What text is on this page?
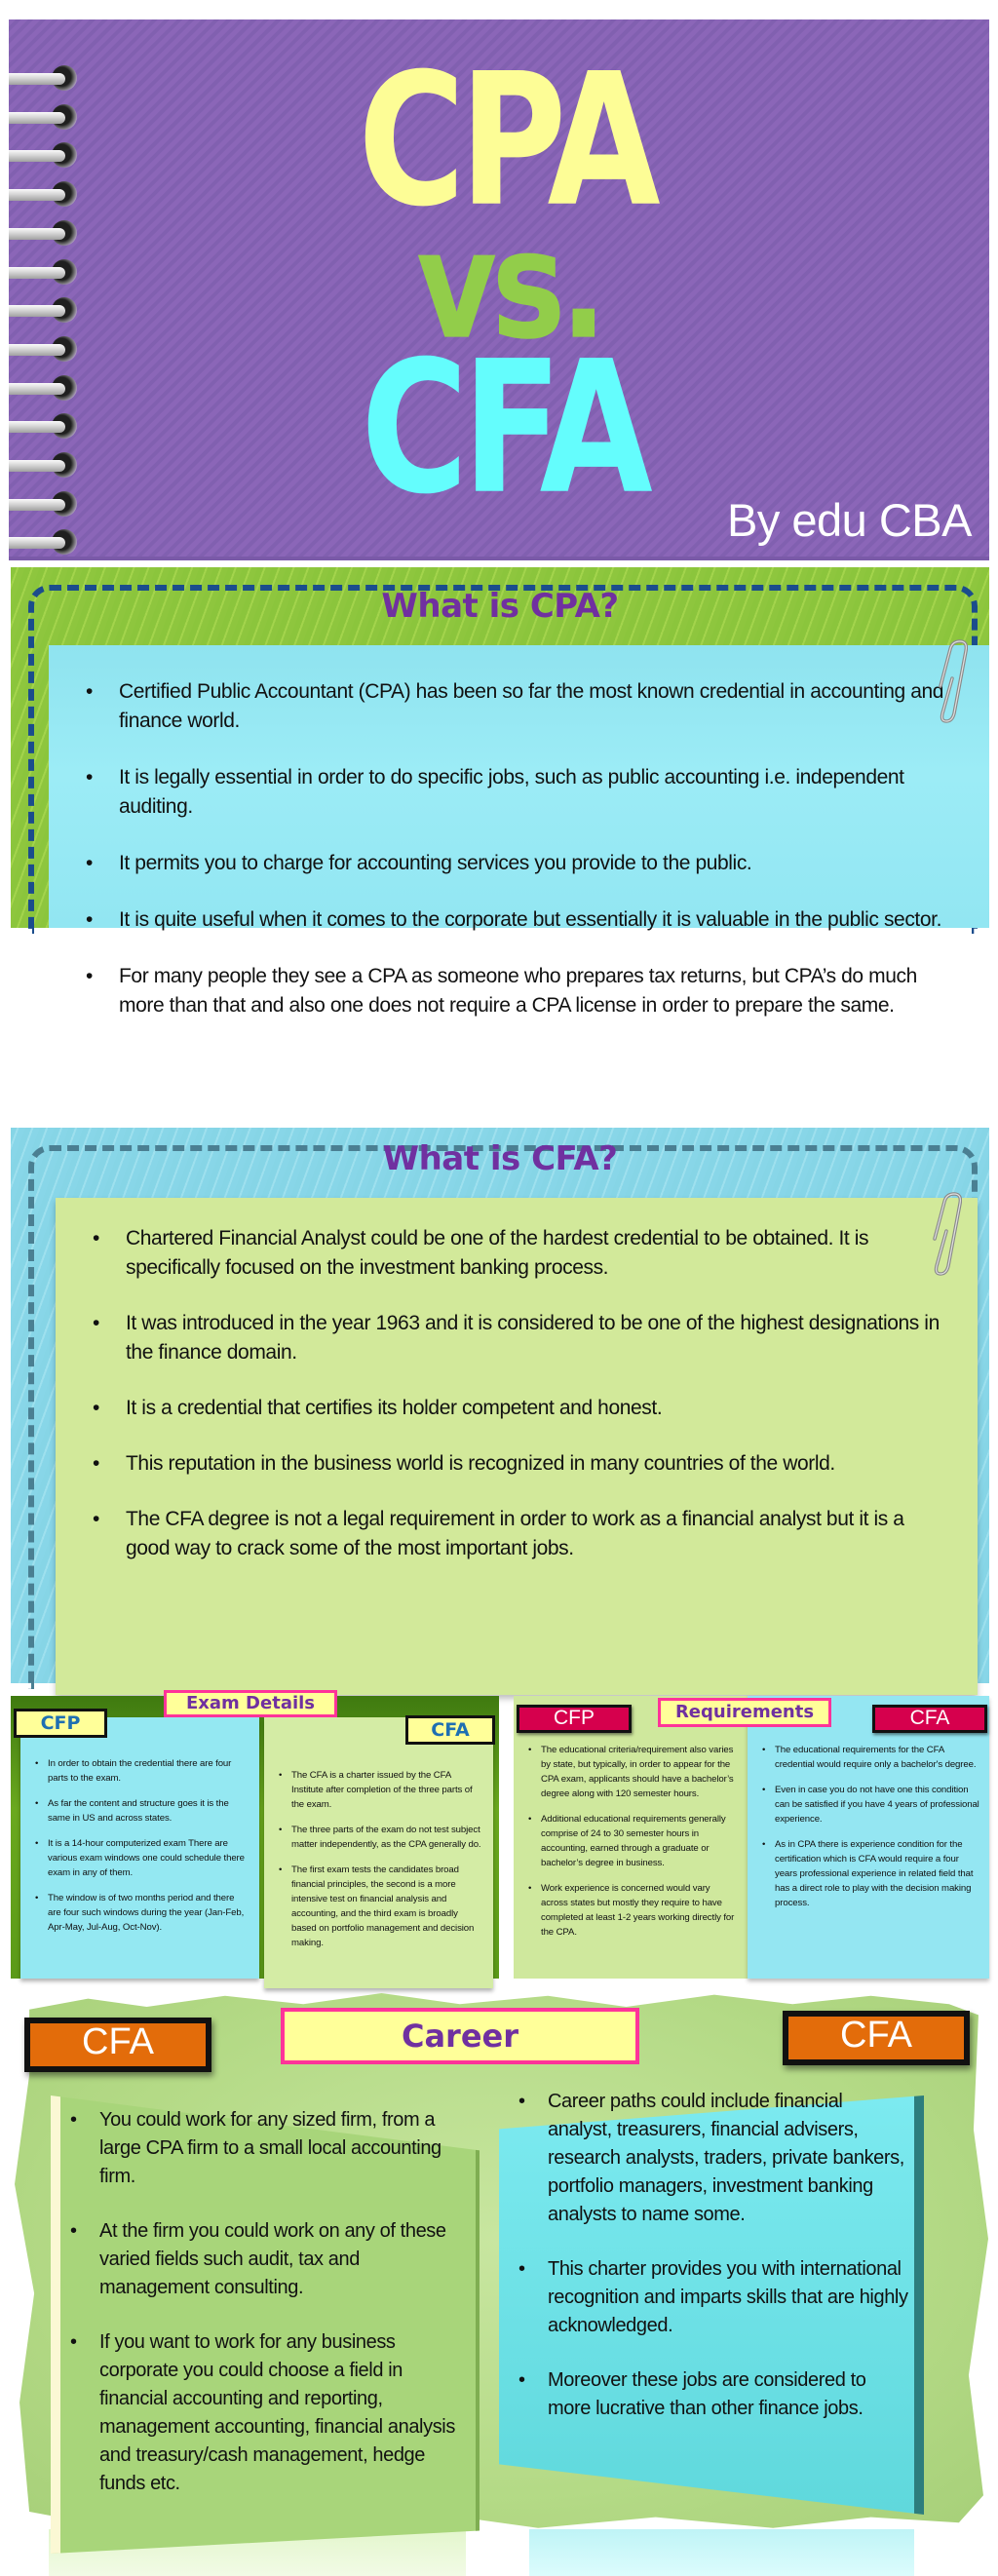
CPA
vs.
CFA	By edu CBA
What is CPA?
• Certified Public Accountant (CPA) has been so far the most known credential in accounting and finance world.
• It is legally essential in order to do specific jobs, such as public accounting i.e. independent auditing.
• It permits you to charge for accounting services you provide to the public.
• It is quite useful when it comes to the corporate but essentially it is valuable in the public sector.
• For many people they see a CPA as someone who prepares tax returns, but CPA’s do much more than that and also one does not require a CPA license in order to prepare the same.
What is CFA?
• Chartered Financial Analyst could be one of the hardest credential to be obtained. It is specifically focused on the investment banking process.
• It was introduced in the year 1963 and it is considered to be one of the highest designations in the finance domain.
• It is a credential that certifies its holder competent and honest.
• This reputation in the business world is recognized in many countries of the world.
• The CFA degree is not a legal requirement in order to work as a financial analyst but it is a good way to crack some of the most important jobs.
• In order to obtain the credential there are four parts to the exam.
• As far the content and structure goes it is the same in US and across states.
• It is a 14-hour computerized exam There are various exam windows one could schedule there exam in any of them.
• The window is of two months period and there are four such windows during the year (Jan-Feb, Apr-May, Jul-Aug, Oct-Nov).
• The CFA is a charter issued by the CFA Institute after completion of the three parts of the exam.
• The three parts of the exam do not test subject matter independently, as the CPA generally do.
• The first exam tests the candidates broad financial principles, the second is a more intensive test on financial analysis and accounting, and the third exam is broadly based on portfolio management and decision making.
CFP	CFA
Exam Details
• The educational criteria/requirement also varies by state, but typically, in order to appear for the CPA exam, applicants should have a bachelor’s degree along with 120 semester hours.
• Additional educational requirements generally comprise of 24 to 30 semester hours in accounting, earned through a graduate or bachelor’s degree in business.
• Work experience is concerned would vary across states but mostly they require to have completed at least 1-2 years working directly for the CPA.
• The educational requirements for the CFA credential would require only a bachelor's degree.
• Even in case you do not have one this condition can be satisfied if you have 4 years of professional experience.
• As in CPA there is experience condition for the certification which is CFA would require a four years professional experience in related field that has a direct role to play with the decision making process.
CFP	CFA
Requirements
• You could work for any sized firm, from a large CPA firm to a small local accounting firm.
• At the firm you could work on any of these varied fields such audit, tax and management consulting.
• If you want to work for any business corporate you could choose a field in financial accounting and reporting, management accounting, financial analysis and treasury/cash management, hedge funds etc.
• Career paths could include financial analyst, treasurers, financial advisers, research analysts, traders, private bankers, portfolio managers, investment banking analysts to name some.
• This charter provides you with international recognition and imparts skills that are highly acknowledged.
• Moreover these jobs are considered to more lucrative than other finance jobs.
CFA	CFA
Career
